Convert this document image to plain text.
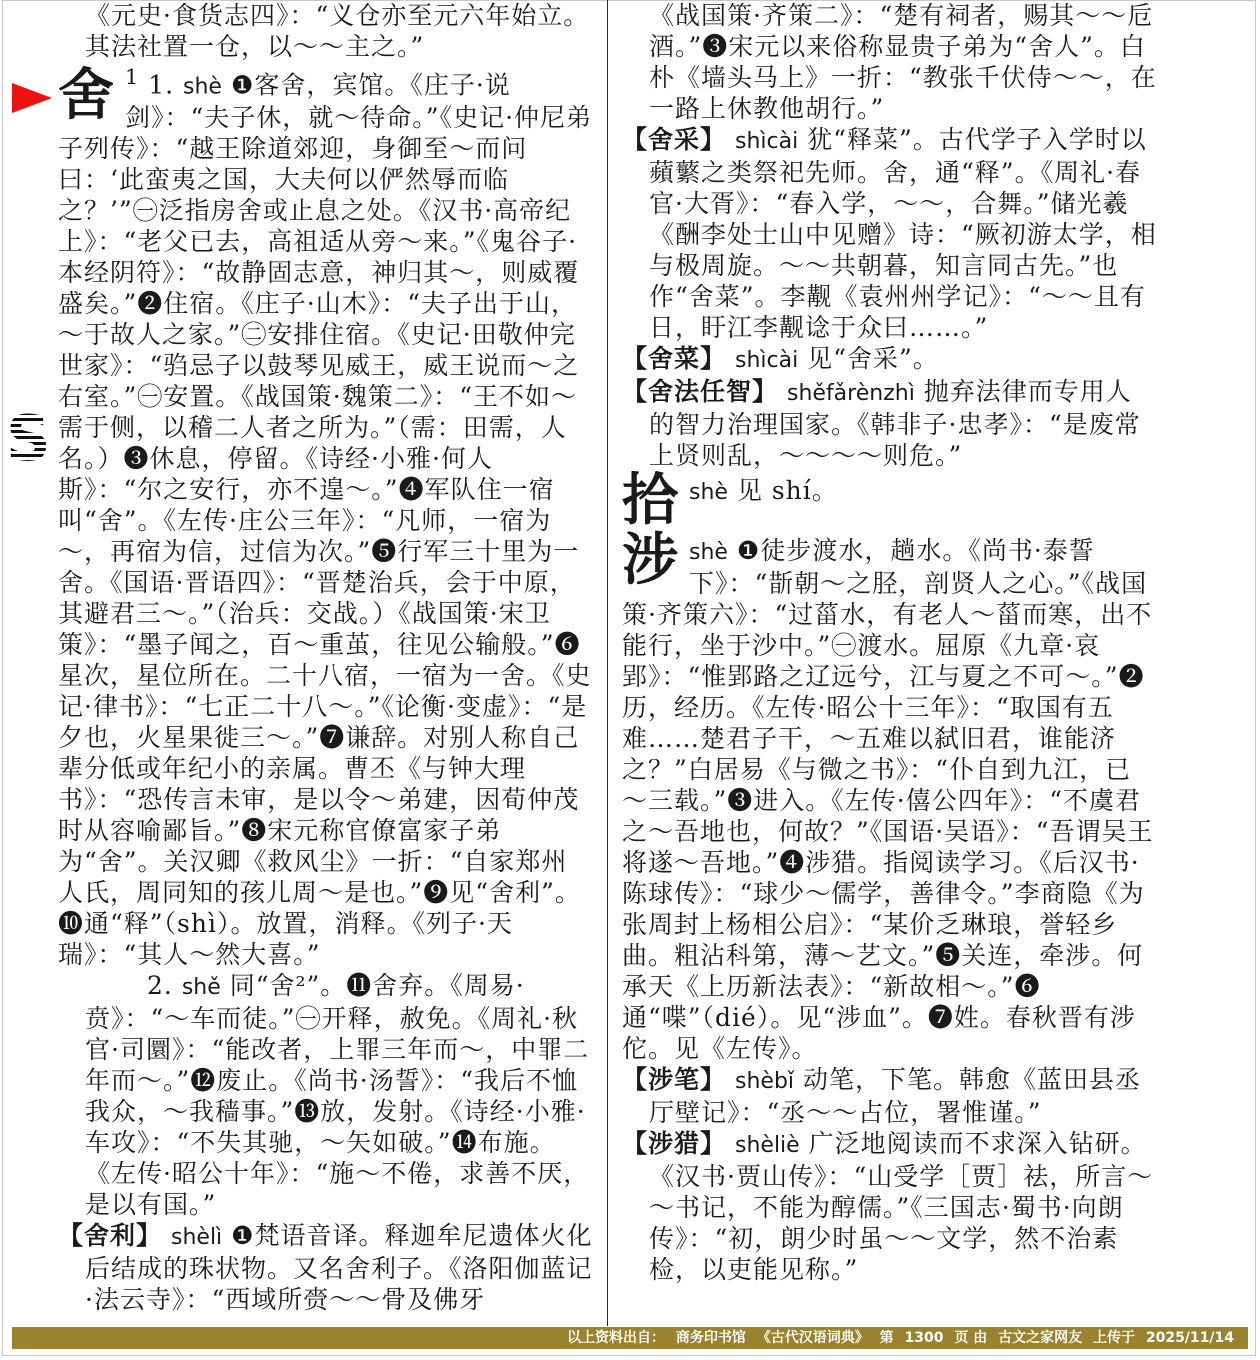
S

《元史·食货志四》：“义仓亦至元六年始立。其法社置一仓，以～～主之。”

舍 $^1$ 1. shè ❶客舍，宾馆。《庄子·说剑》：“夫子休，就～待命。”《史记·仲尼弟子列传》：“越王除道郊迎，身御至～而问曰：‘此蛮夷之国，大夫何以俨然辱而临之？’”㊀泛指房舍或止息之处。《汉书·高帝纪上》：“老父已去，高祖适从旁～来。”《鬼谷子·本经阴符》：“故静固志意，神归其～，则威覆盛矣。”❷住宿。《庄子·山木》：“夫子出于山，～于故人之家。”㊁安排住宿。《史记·田敬仲完世家》：“驺忌子以鼓琴见威王，威王说而～之右室。”㊀安置。《战国策·魏策二》：“王不如～需于侧，以稽二人者之所为。”（需：田需，人名。）❸休息，停留。《诗经·小雅·何人斯》：“尔之安行，亦不遑～。”❹军队住一宿叫“舍”。《左传·庄公三年》：“凡师，一宿为～，再宿为信，过信为次。”❺行军三十里为一舍。《国语·晋语四》：“晋楚治兵，会于中原，其避君三～。”（治兵：交战。）《战国策·宋卫策》：“墨子闻之，百～重茧，往见公输般。”❻星次，星位所在。二十八宿，一宿为一舍。《史记·律书》：“七正二十八～。”《论衡·变虚》：“是夕也，火星果徙三～。”❼谦辞。对别人称自己辈分低或年纪小的亲属。曹丕《与钟大理书》：“恐传言未审，是以令～弟建，因荀仲茂时从容喻鄙旨。”❽宋元称官僚富家子弟为“舍”。关汉卿《救风尘》一折：“自家郑州人氏，周同知的孩儿周～是也。”❾见“舍利”。❿通“释”（shì）。放置，消释。《列子·天瑞》：“其人～然大喜。”

2. shě 同“舍²”。⓫舍弃。《周易·贲》：“～车而徒。”㊀开释，赦免。《周礼·秋官·司圜》：“能改者，上罪三年而～，中罪二年而～。”⓬废止。《尚书·汤誓》：“我后不恤我众，～我穑事。”⓭放，发射。《诗经·小雅·车攻》：“不失其驰，～矢如破。”⓮布施。《左传·昭公十年》：“施～不倦，求善不厌，是以有国。”

【舍利】 shèlì ❶梵语音译。释迦牟尼遗体火化后结成的珠状物。又名舍利子。《洛阳伽蓝记·法云寺》：“西域所赍～～骨及佛牙

《战国策·齐策二》：“楚有祠者，赐其～～卮酒。”❸宋元以来俗称显贵子弟为“舍人”。白朴《墙头马上》一折：“教张千伏侍～～，在一路上休教他胡行。”

【舍采】 shìcài 犹“释菜”。古代学子入学时以蘋蘩之类祭祀先师。舍，通“释”。《周礼·春官·大胥》：“春入学，～～，合舞。”储光羲《酬李处士山中见赠》诗：“厥初游太学，相与极周旋。～～共朝暮，知言同古先。”也作“舍菜”。李觏《袁州州学记》：“～～且有日，盱江李觏谂于众曰……。”

【舍菜】 shìcài 见“舍采”。

【舍法任智】 shěfǎrènzhì 抛弃法律而专用人的智力治理国家。《韩非子·忠孝》：“是废常上贤则乱，～～～～则危。”

拾 shè 见 shí。

涉 shè ❶徒步渡水，趟水。《尚书·泰誓下》：“斮朝～之胫，剖贤人之心。”《战国策·齐策六》：“过菑水，有老人～菑而寒，出不能行，坐于沙中。”㊀渡水。屈原《九章·哀郢》：“惟郢路之辽远兮，江与夏之不可～。”❷历，经历。《左传·昭公十三年》：“取国有五难……楚君子干，～五难以弑旧君，谁能济之？”白居易《与微之书》：“仆自到九江，已～三载。”❸进入。《左传·僖公四年》：“不虞君之～吾地也，何故？”《国语·吴语》：“吾谓吴王将遂～吾地。”❹涉猎。指阅读学习。《后汉书·陈球传》：“球少～儒学，善律令。”李商隐《为张周封上杨相公启》：“某价乏琳琅，誉轻乡曲。粗沾科第，薄～艺文。”❺关连，牵涉。何承天《上历新法表》：“新故相～。”❻通“喋”（dié）。见“涉血”。❼姓。春秋晋有涉佗。见《左传》。

【涉笔】 shèbǐ 动笔，下笔。韩愈《蓝田县丞厅壁记》：“丞～～占位，署惟谨。”

【涉猎】 shèliè 广泛地阅读而不求深入钻研。《汉书·贾山传》：“山受学［贾］祛，所言～～书记，不能为醇儒。”《三国志·蜀书·向朗传》：“初，朗少时虽～～文学，然不治素检，以吏能见称。”

以上资料出自： 商务印书馆 《古代汉语词典》 第 1300 页 由 古文之家网友 上传于 2025/11/14
